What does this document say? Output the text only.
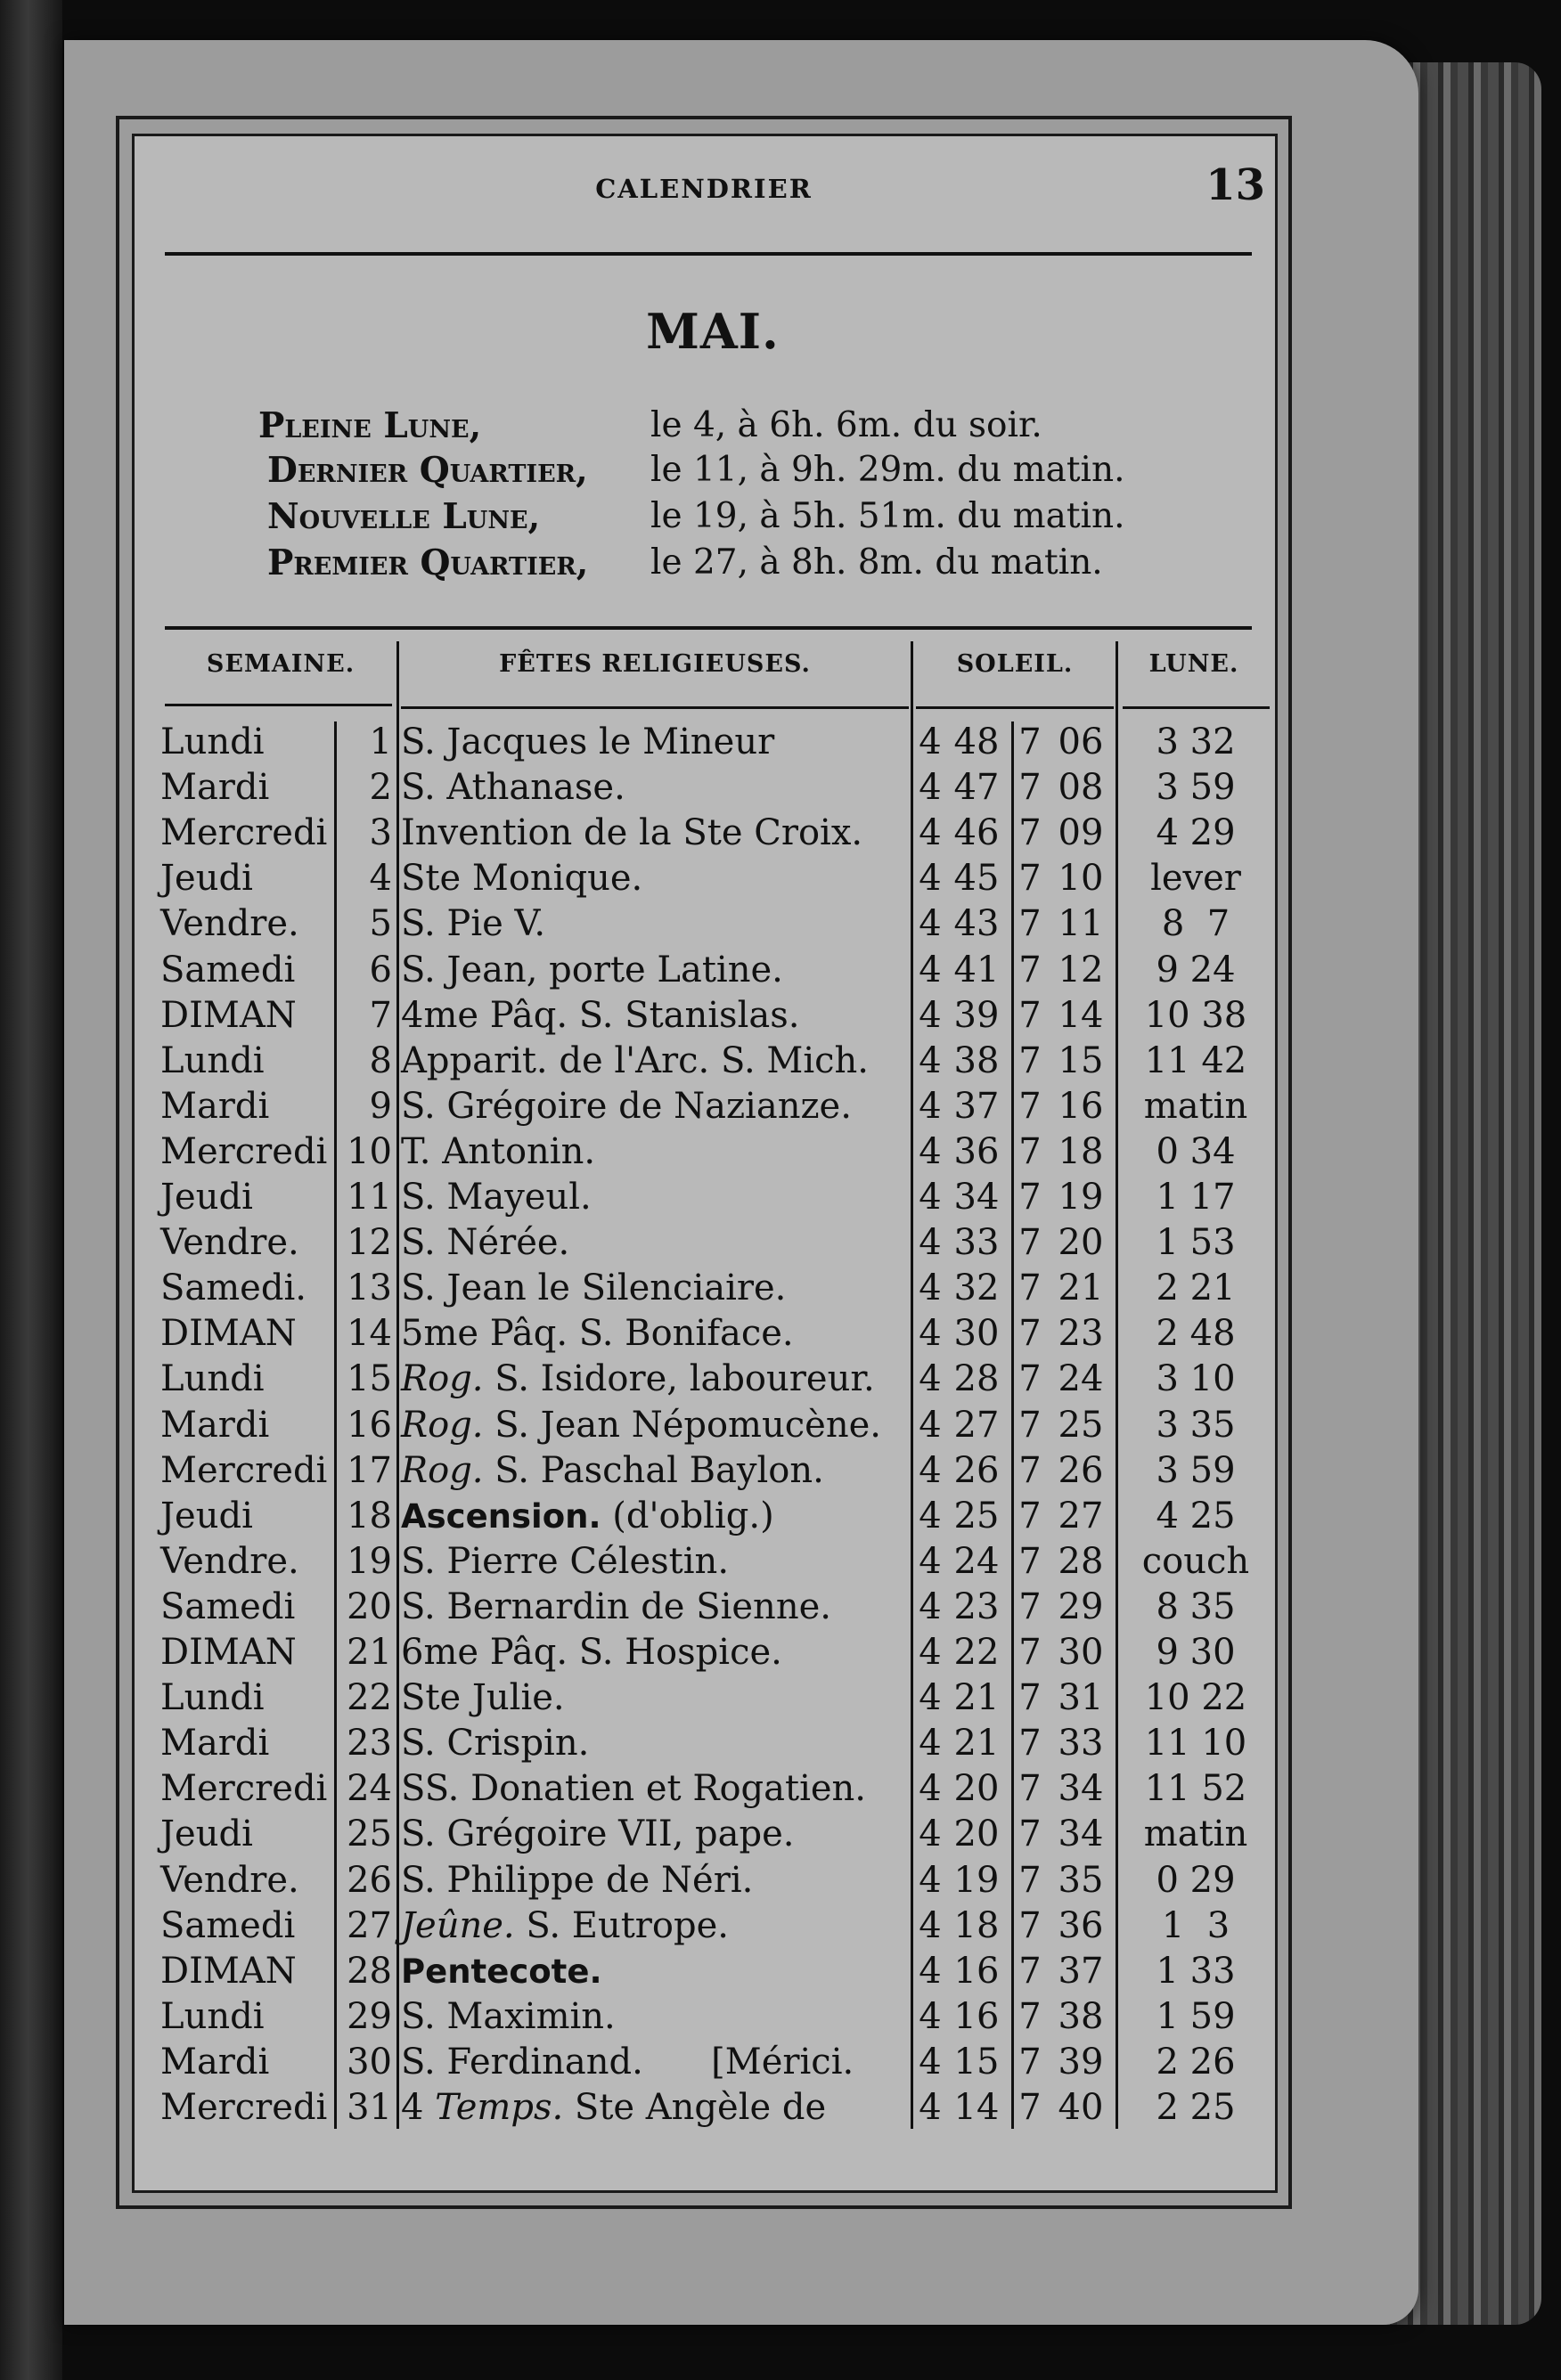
CALENDRIER	13
MAI.
Pleine Lune,	le 4, à 6h. 6m. du soir.
Dernier Quartier, le 11, à 9h. 29m. du matin.
Nouvelle Lune,	le 19, à 5h. 51m. du matin.
Premier Quartier, le 27, à 8h. 8m. du matin.
SEMAINE.	FÊTES RELIGIEUSES.	SOLEIL.	LUNE.
Lundi	1 S. Jacques le Mineur	4 48 7 06	3 32
Mardi	2 S. Athanase.	4 47 7 08	3 59
Mercredi	3 Invention de la Ste Croix. 4 46 7 09	4 29
Jeudi	4 Ste Monique.	4 45 7 10	lever
Vendre.	5 S. Pie V.	4 43 7 11	8  7
Samedi	6 S. Jean, porte Latine.	4 41 7 12	9 24
DIMAN	7 4me Pâq. S. Stanislas.	4 39 7 14	10 38
Lundi	8 Apparit. de l'Arc. S. Mich. 4 38 7 15	11 42
Mardi	9 S. Grégoire de Nazianze. 4 37 7 16	matin
Mercredi 10 T. Antonin.	4 36 7 18	0 34
Jeudi	11 S. Mayeul.	4 34 7 19	1 17
Vendre.	12 S. Nérée.	4 33 7 20	1 53
Samedi.	13 S. Jean le Silenciaire.	4 32 7 21	2 21
DIMAN	14 5me Pâq. S. Boniface.	4 30 7 23	2 48
Lundi	15 Rog. S. Isidore, laboureur. 4 28 7 24	3 10
Mardi	16 Rog. S. Jean Népomucène. 4 27 7 25	3 35
Mercredi 17 Rog. S. Paschal Baylon.	4 26 7 26	3 59
Jeudi	18 Ascension. (d'oblig.)	4 25 7 27	4 25
Vendre.	19 S. Pierre Célestin.	4 24 7 28	couch
Samedi	20 S. Bernardin de Sienne. 4 23 7 29	8 35
DIMAN	21 6me Pâq. S. Hospice.	4 22 7 30	9 30
Lundi	22 Ste Julie.	4 21 7 31	10 22
Mardi	23 S. Crispin.	4 21 7 33	11 10
Mercredi 24 SS. Donatien et Rogatien. 4 20 7 34	11 52
Jeudi	25 S. Grégoire VII, pape.	4 20 7 34	matin
Vendre.	26 S. Philippe de Néri.	4 19 7 35	0 29
Samedi	27 Jeûne. S. Eutrope.	4 18 7 36	1  3
DIMAN	28 Pentecote.	4 16 7 37	1 33
Lundi	29 S. Maximin.	4 16 7 38	1 59
Mardi	30 S. Ferdinand.      [Mérici. 4 15 7 39	2 26
Mercredi 31 4 Temps. Ste Angèle de	4 14 7 40	2 25
